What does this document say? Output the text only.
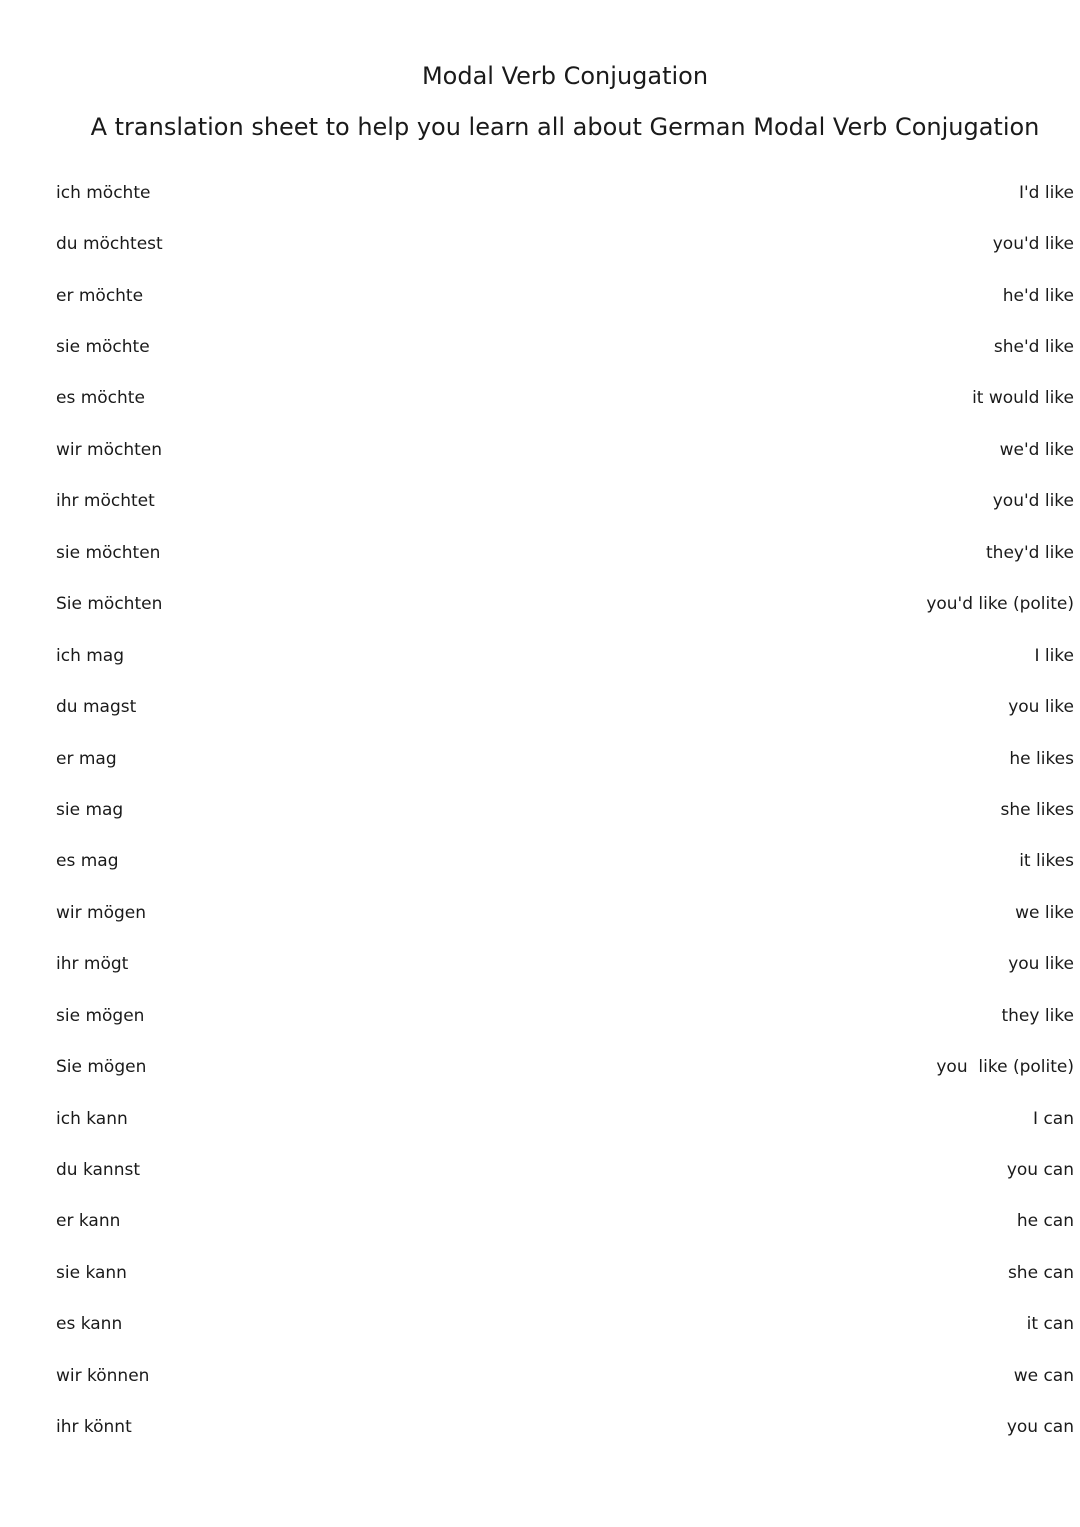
Modal Verb Conjugation
A translation sheet to help you learn all about German Modal Verb Conjugation
ich möchte	I'd like
du möchtest	you'd like
er möchte	he'd like
sie möchte	she'd like
es möchte	it would like
wir möchten	we'd like
ihr möchtet	you'd like
sie möchten	they'd like
Sie möchten	you'd like (polite)
ich mag	I like
du magst	you like
er mag	he likes
sie mag	she likes
es mag	it likes
wir mögen	we like
ihr mögt	you like
sie mögen	they like
Sie mögen	you  like (polite)
ich kann	I can
du kannst	you can
er kann	he can
sie kann	she can
es kann	it can
wir können	we can
ihr könnt	you can
